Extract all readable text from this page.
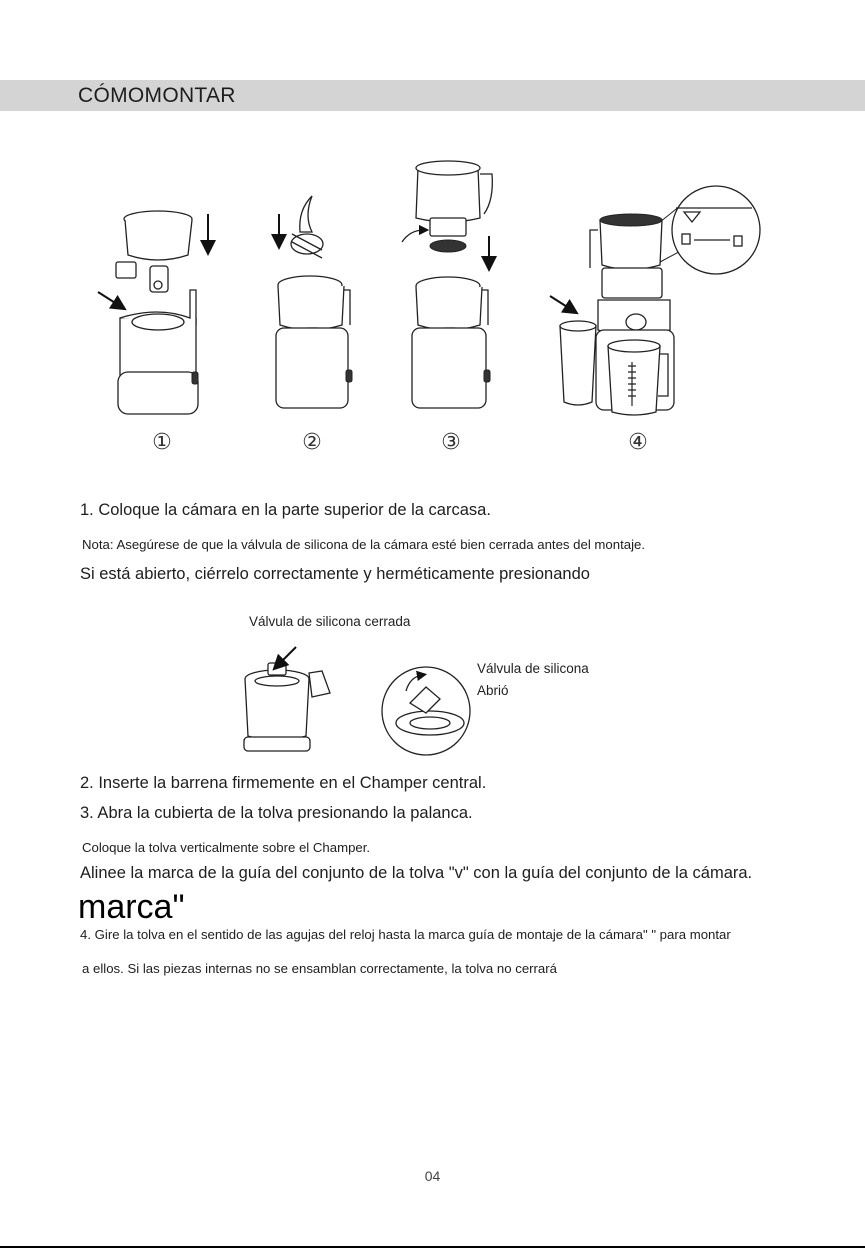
CÓMOMONTAR
①	②	③	④
1. Coloque la cámara en la parte superior de la carcasa.
Nota: Asegúrese de que la válvula de silicona de la cámara esté bien cerrada antes del montaje.
Si está abierto, ciérrelo correctamente y herméticamente presionando
Válvula de silicona cerrada
Válvula de silicona
Abrió
2. Inserte la barrena firmemente en el Champer central.
3. Abra la cubierta de la tolva presionando la palanca.
Coloque la tolva verticalmente sobre el Champer.
Alinee la marca de la guía del conjunto de la tolva "v" con la guía del conjunto de la cámara.
marca"
4. Gire la tolva en el sentido de las agujas del reloj hasta la marca guía de montaje de la cámara" " para montar
a ellos. Si las piezas internas no se ensamblan correctamente, la tolva no cerrará
04
